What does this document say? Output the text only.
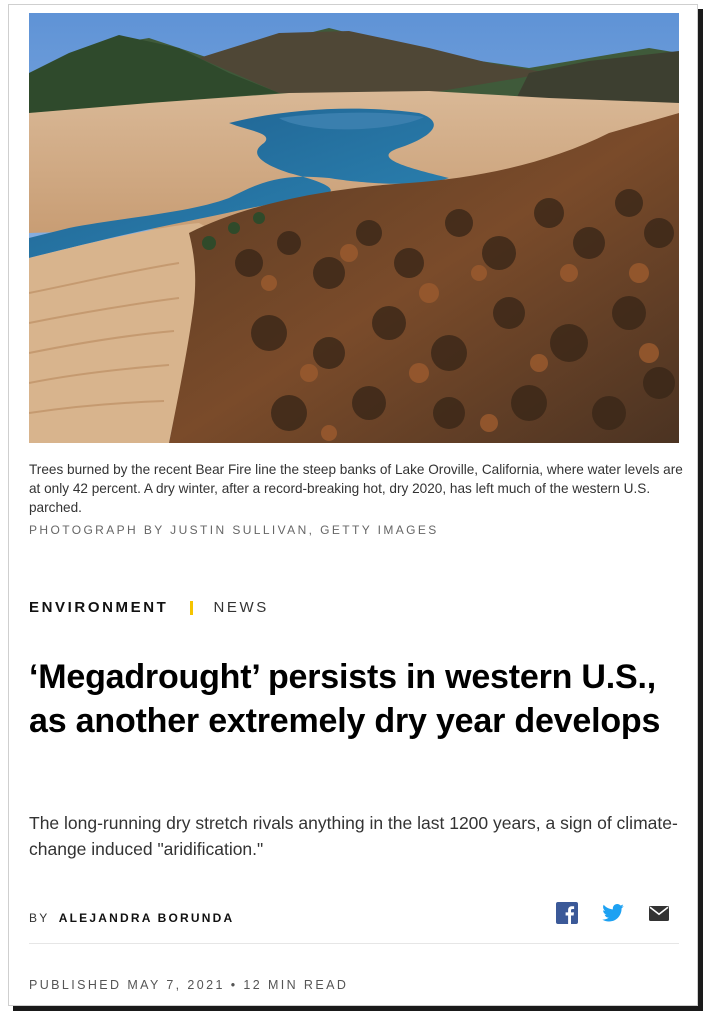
Trees burned by the recent Bear Fire line the steep banks of Lake Oroville, California, where water levels are at only 42 percent. A dry winter, after a record-breaking hot, dry 2020, has left much of the western U.S. parched.
PHOTOGRAPH BY JUSTIN SULLIVAN, GETTY IMAGES
ENVIRONMENT	NEWS
‘Megadrought’ persists in western U.S., as another extremely dry year develops

The long-running dry stretch rivals anything in the last 1200 years, a sign of climate-change induced "aridification."

BY ALEJANDRA BORUNDA
PUBLISHED MAY 7, 2021 • 12 MIN READ
